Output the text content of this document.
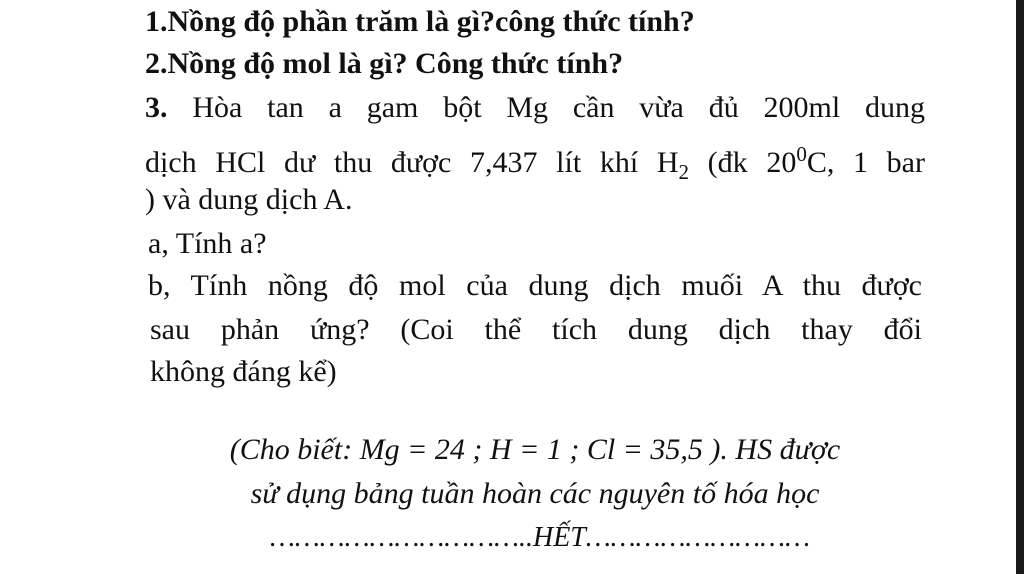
1.Nồng độ phần trăm là gì?công thức tính?
2.Nồng độ mol là gì? Công thức tính?
3. Hòa tan a gam bột Mg cần vừa đủ 200ml dung
dịch HCl dư thu được 7,437 lít khí $H_2$ (đk $20^0C$, 1 bar
) và dung dịch A.
a, Tính a?
b, Tính nồng độ mol của dung dịch muối A thu được
sau phản ứng? (Coi thể tích dung dịch thay đổi
không đáng kể)
(Cho biết: Mg = 24 ; H = 1 ; Cl = 35,5 ). HS được
sử dụng bảng tuần hoàn các nguyên tố hóa học
…………………………..HẾT………………………
